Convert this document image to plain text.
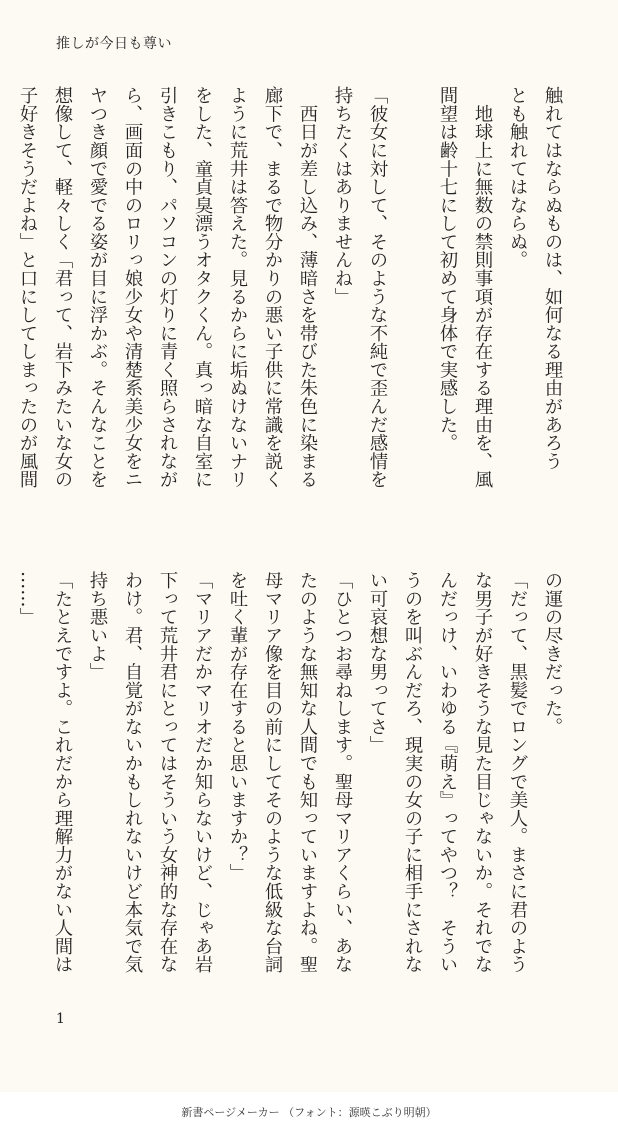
推しが今日も尊い
触れてはならぬものは、如何なる理由があろう
とも触れてはならぬ。
　地球上に無数の禁則事項が存在する理由を、風
間望は齢十七にして初めて身体で実感した。

「彼女に対して、そのような不純で歪んだ感情を
持ちたくはありませんね」
　西日が差し込み、薄暗さを帯びた朱色に染まる
廊下で、まるで物分かりの悪い子供に常識を説く
ように荒井は答えた。見るからに垢ぬけないナリ
をした、童貞臭漂うオタクくん。真っ暗な自室に
引きこもり、パソコンの灯りに青く照らされなが
ら、画面の中のロリっ娘少女や清楚系美少女をニ
ヤつき顔で愛でる姿が目に浮かぶ。そんなことを
想像して、軽々しく「君って、岩下みたいな女の
子好きそうだよね」と口にしてしまったのが風間
の運の尽きだった。
「だって、黒髪でロングで美人。まさに君のよう
な男子が好きそうな見た目じゃないか。それでな
んだっけ、いわゆる『萌え』ってやつ？　そうい
うのを叫ぶんだろ、現実の女の子に相手にされな
い可哀想な男ってさ」
「ひとつお尋ねします。聖母マリアくらい、あな
たのような無知な人間でも知っていますよね。聖
母マリア像を目の前にしてそのような低級な台詞
を吐く輩が存在すると思いますか？」
「マリアだかマリオだか知らないけど、じゃあ岩
下って荒井君にとってはそういう女神的な存在な
わけ。君、自覚がないかもしれないけど本気で気
持ち悪いよ」
「たとえですよ。これだから理解力がない人間は
……」
1
新書ページメーカー （フォント：源暎こぶり明朝）
